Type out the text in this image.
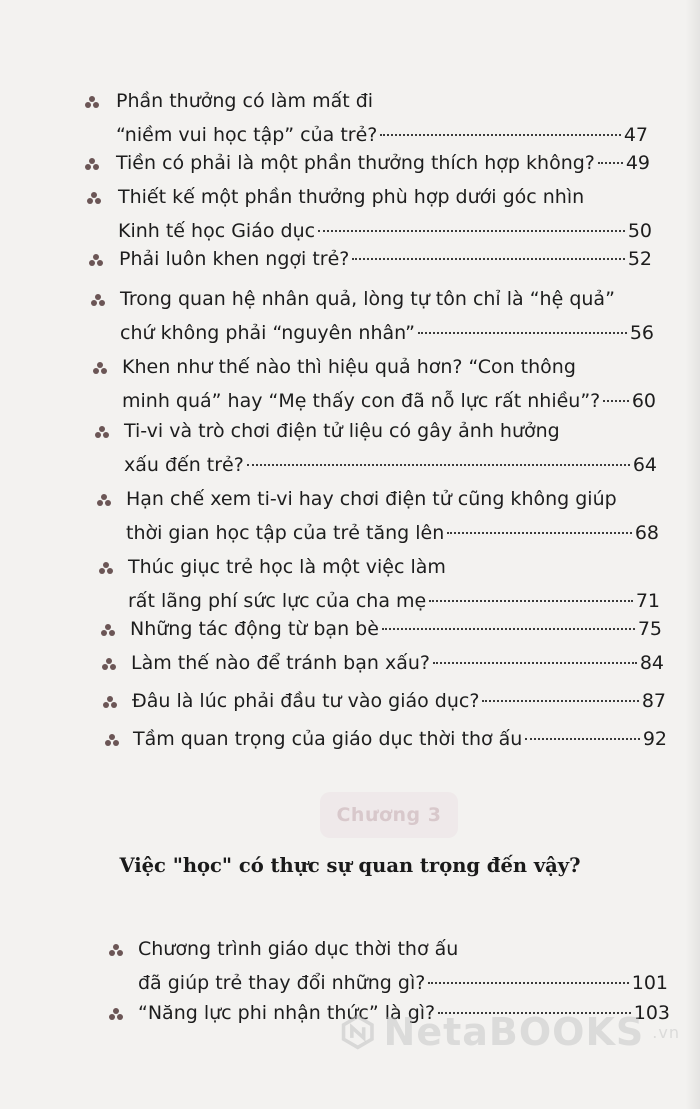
Phần thưởng có làm mất đi
“niềm vui học tập” của trẻ?	47
Tiền có phải là một phần thưởng thích hợp không? 49
Thiết kế một phần thưởng phù hợp dưới góc nhìn
Kinh tế học Giáo dục	50
Phải luôn khen ngợi trẻ?	52
Trong quan hệ nhân quả, lòng tự tôn chỉ là “hệ quả”
chứ không phải “nguyên nhân”	56
Khen như thế nào thì hiệu quả hơn? “Con thông
minh quá” hay “Mẹ thấy con đã nỗ lực rất nhiều”? 60
Ti-vi và trò chơi điện tử liệu có gây ảnh hưởng
xấu đến trẻ?	64
Hạn chế xem ti-vi hay chơi điện tử cũng không giúp
thời gian học tập của trẻ tăng lên	68
Thúc giục trẻ học là một việc làm
rất lãng phí sức lực của cha mẹ	71
Những tác động từ bạn bè	75
Làm thế nào để tránh bạn xấu?	84
Đâu là lúc phải đầu tư vào giáo dục?	87
Tầm quan trọng của giáo dục thời thơ ấu	92
Chương trình giáo dục thời thơ ấu
đã giúp trẻ thay đổi những gì?	101
“Năng lực phi nhận thức” là gì?	103
Chương 3
Việc "học" có thực sự quan trọng đến vậy?
NetaBOOKS .vn
